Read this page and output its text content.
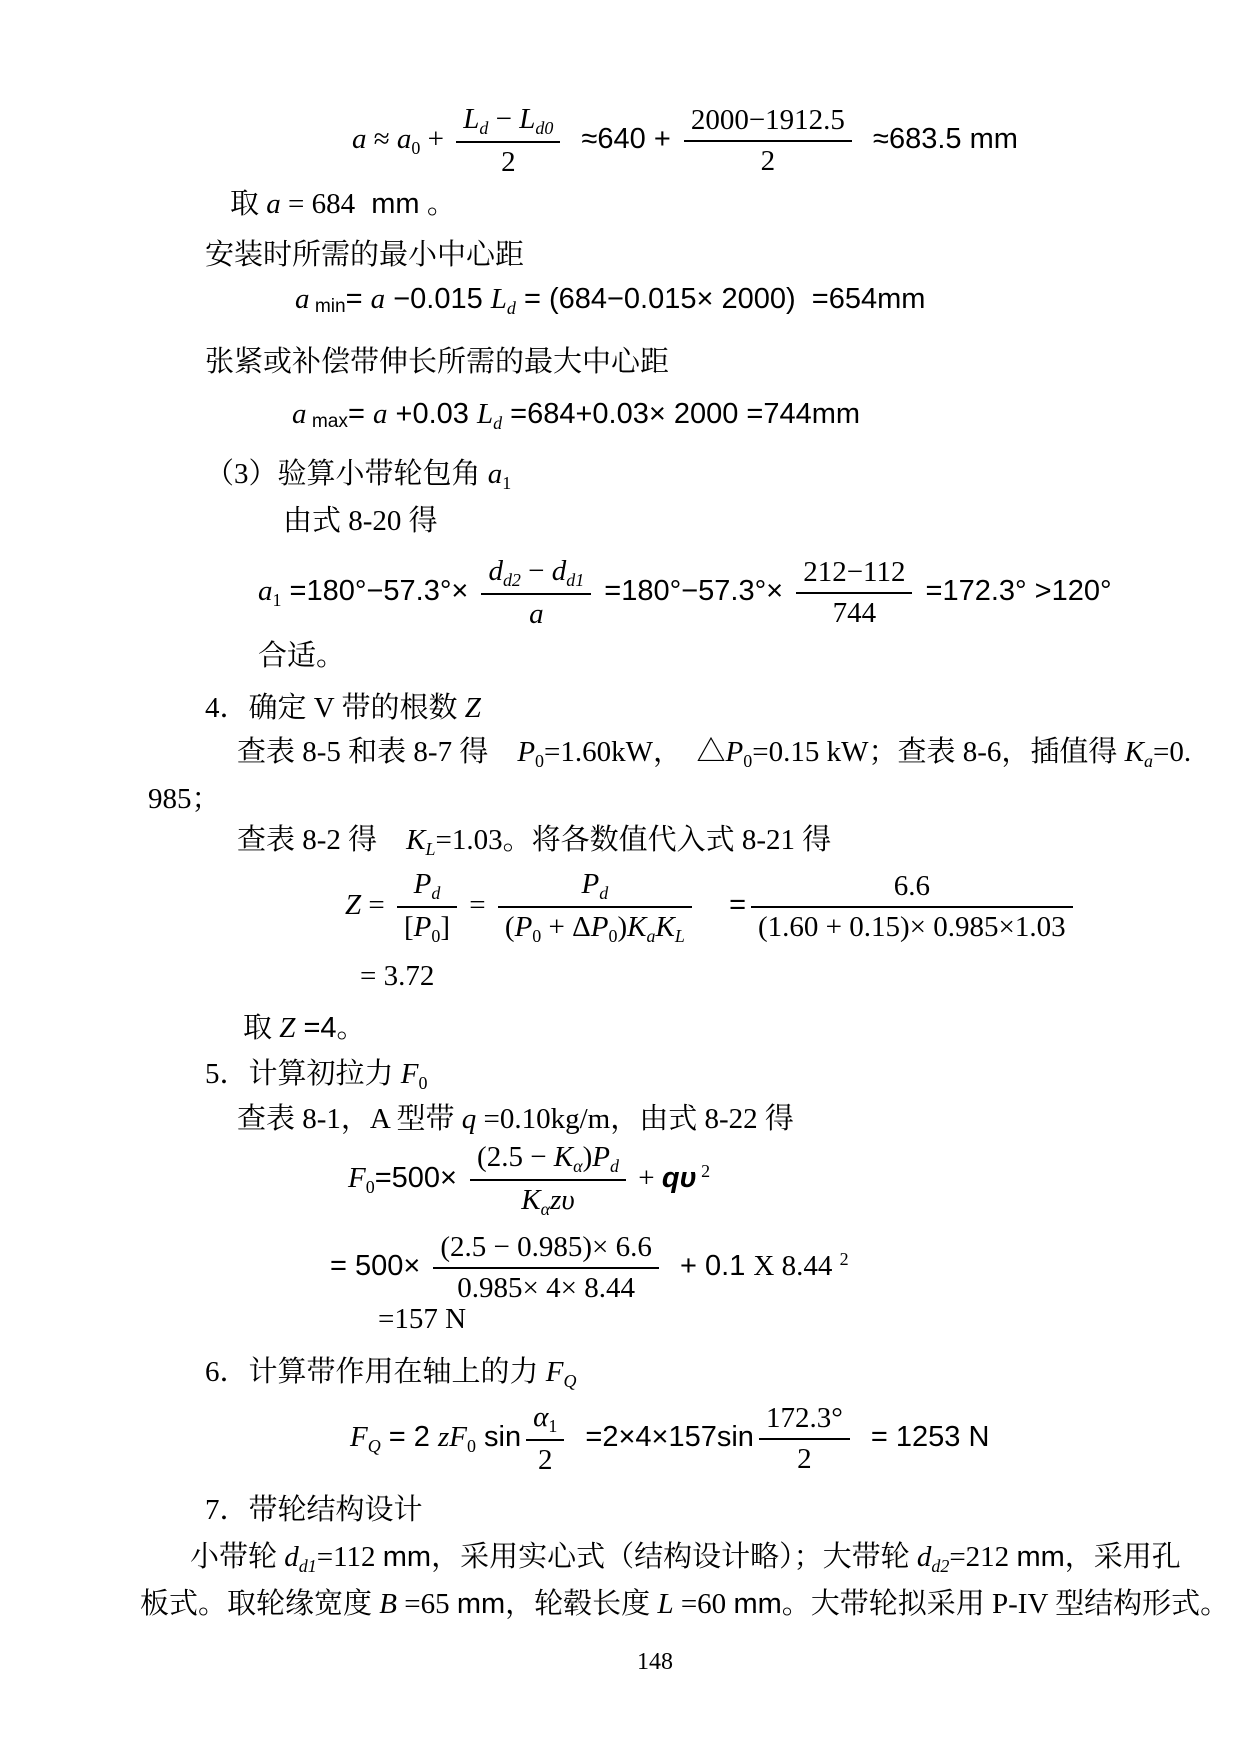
$a \approx a_0 + \frac{Ld - Ld0}{2} \approx 640 + \frac{2000-1912.5}{2} \approx 683.5$ mm
取 a = 684  mm 。
安装时所需的最小中心距
a min= a −0.015 Ld = (684−0.015× 2000)  =654mm
张紧或补偿带伸长所需的最大中心距
a max= a +0.03 Ld =684+0.03× 2000 =744mm
（3）验算小带轮包角 $a_1$
由式 8-20 得
$a_1 =180^\circ-57.3^\circ\times \frac{dd2 - dd1}{a} =180^\circ-57.3^\circ\times \frac{212-112}{744} =172.3^\circ >120^\circ$
合适。
4．确定 V 带的根数 Z
查表 8-5 和表 8-7 得　$P_0=1.60kW$，　$\triangle P_0=0.15$ kW；查表 8-6，插值得 Ka=0.
985；
查表 8-2 得　KL=1.03。将各数值代入式 8-21 得
$Z = \frac{Pd}{[P_0]} = \frac{Pd}{(P_0 + \Delta P_0)KaKL} = \frac{6.6}{(1.60 + 0.15)\times 0.985\times 1.03}$
= 3.72
取 Z =4。
5．计算初拉力 $F_0$
查表 8-1，A 型带 q =0.10kg/m，由式 8-22 得
$F_0=500\times \frac{(2.5 - K\alpha)Pd}{\text{Kαzυ}} + q\upsilon$ $^2$
= $500\times \frac{(2.5 - 0.985)\times 6.6}{0.985\times 4\times 8.44} + 0.1$ X 8.44 $^2$
=157 N
6．计算带作用在轴上的力 FQ
FQ = 2 $zF_0$ $\sin \frac{\alpha_1}{2} =2\times 4\times 157\sin \frac{172.3^\circ}{2} = 1253$ N
7．带轮结构设计
小带轮 dd1=112 mm，采用实心式（结构设计略）；大带轮 dd2=212 mm，采用孔
板式。取轮缘宽度 B =65 mm，轮毂长度 L =60 mm。大带轮拟采用 P-IV 型结构形式。
148
